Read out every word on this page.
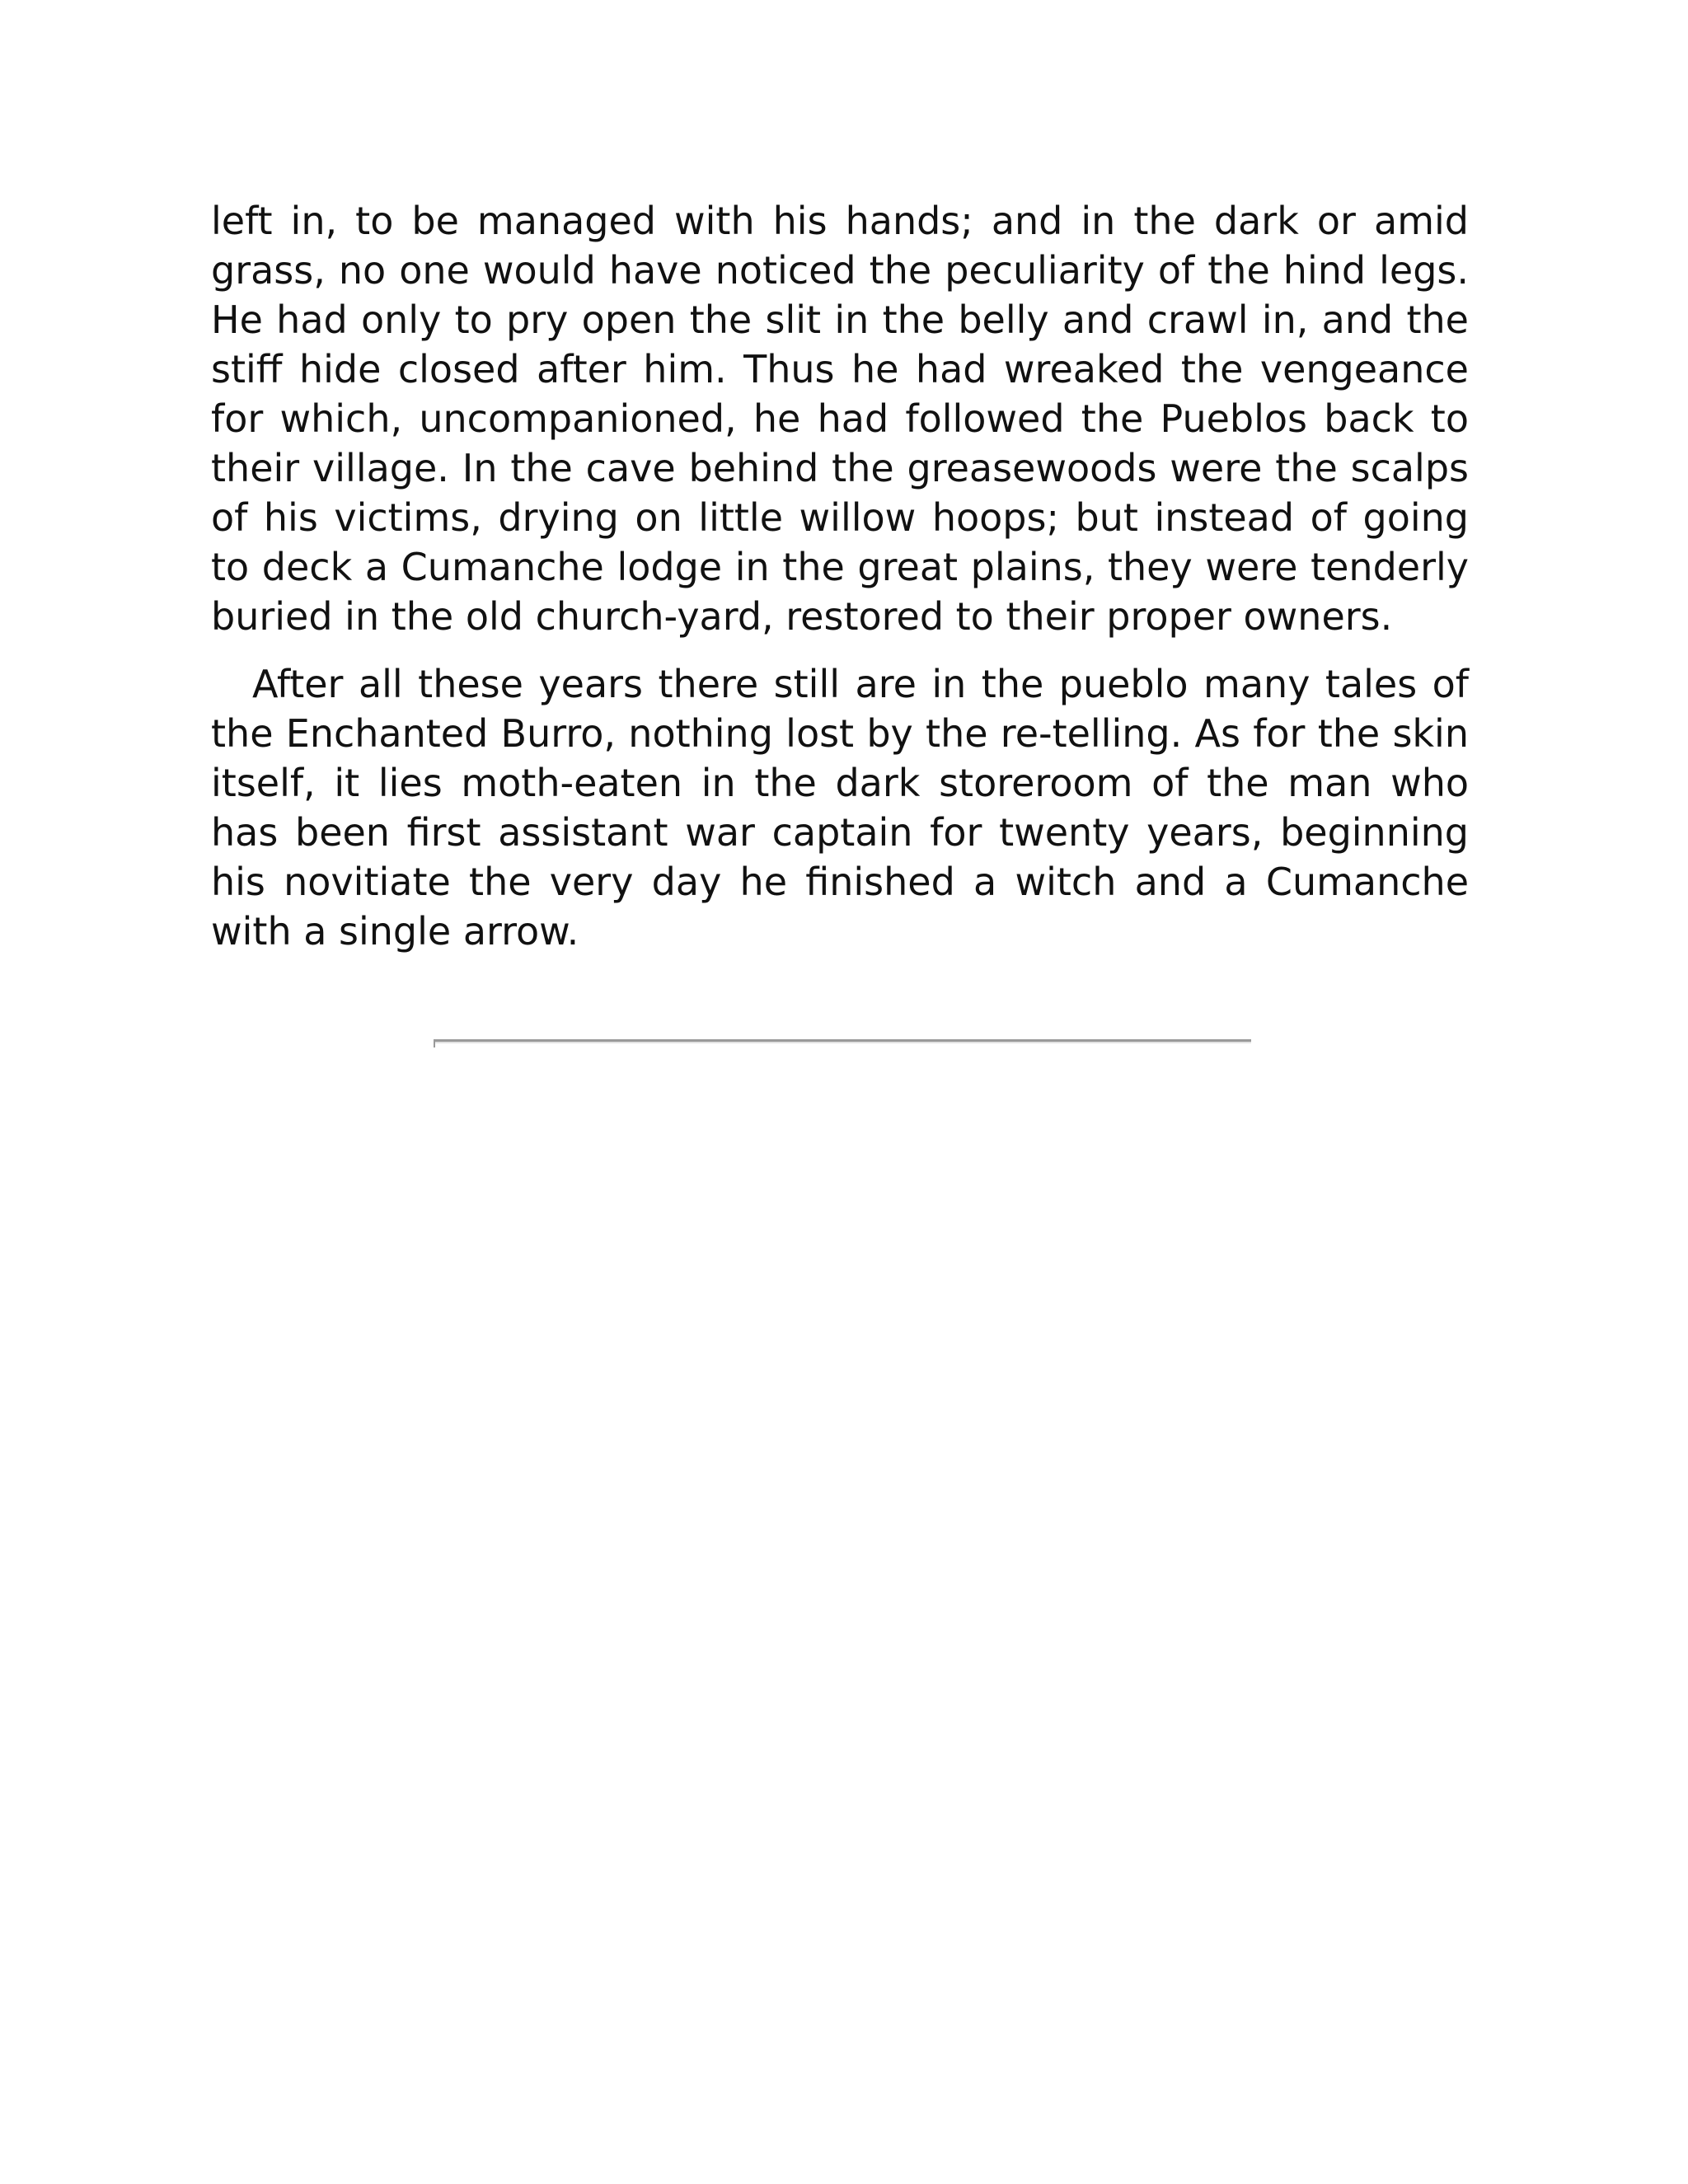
left in, to be managed with his hands; and in the dark or amid grass, no one would have noticed the peculiarity of the hind legs. He had only to pry open the slit in the belly and crawl in, and the stiff hide closed after him. Thus he had wreaked the vengeance for which, uncompanioned, he had followed the Pueblos back to their village. In the cave behind the greasewoods were the scalps of his victims, drying on little willow hoops; but instead of going to deck a Cumanche lodge in the great plains, they were tenderly buried in the old church-yard, restored to their proper owners.

After all these years there still are in the pueblo many tales of the Enchanted Burro, nothing lost by the re-telling. As for the skin itself, it lies moth-eaten in the dark storeroom of the man who has been first assistant war captain for twenty years, beginning his novitiate the very day he finished a witch and a Cumanche with a single arrow.
